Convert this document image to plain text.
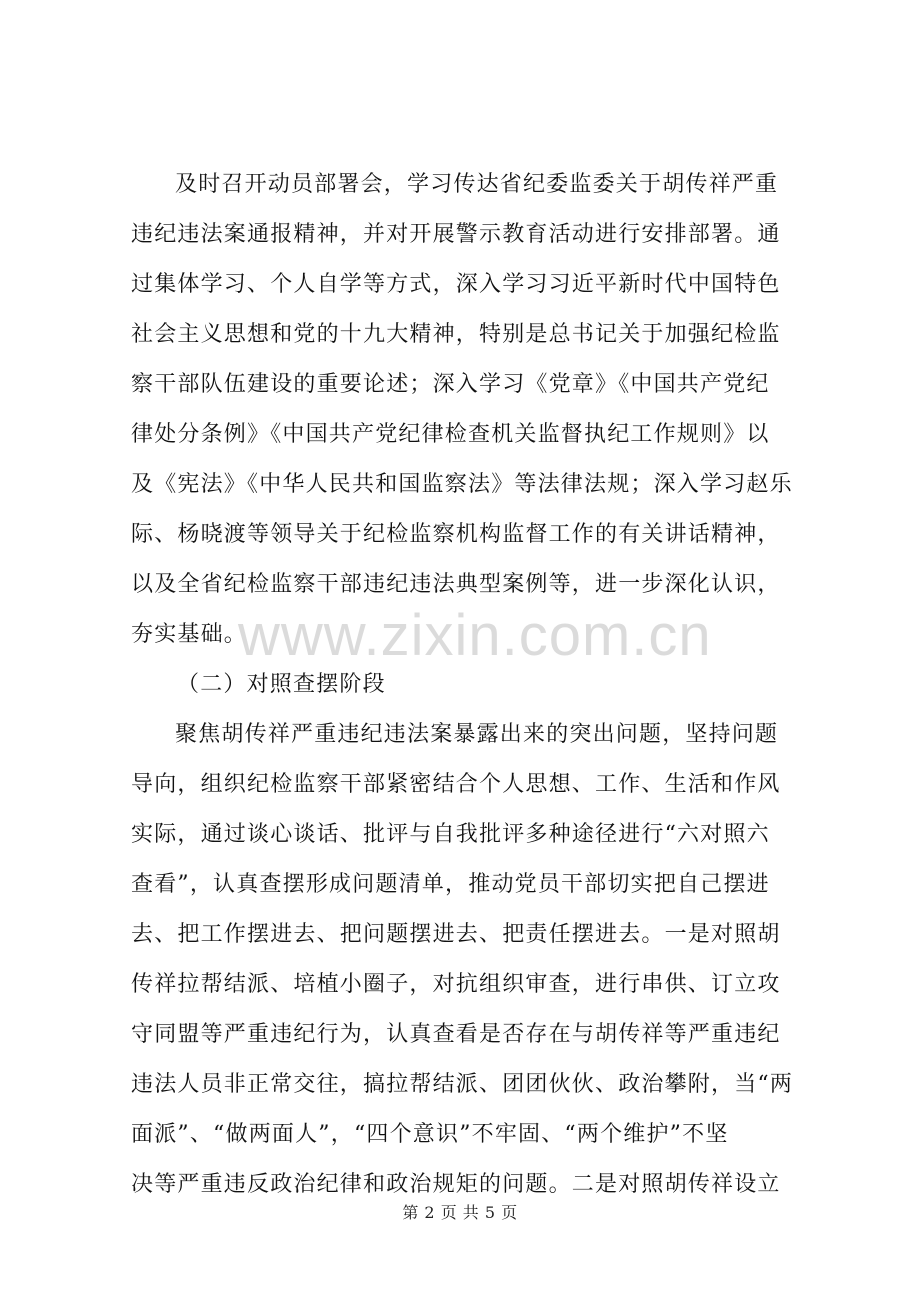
及时召开动员部署会，学习传达省纪委监委关于胡传祥严重
违纪违法案通报精神，并对开展警示教育活动进行安排部署。通
过集体学习、个人自学等方式，深入学习习近平新时代中国特色
社会主义思想和党的十九大精神，特别是总书记关于加强纪检监
察干部队伍建设的重要论述；深入学习《党章》《中国共产党纪
律处分条例》《中国共产党纪律检查机关监督执纪工作规则》以
及《宪法》《中华人民共和国监察法》等法律法规；深入学习赵乐
际、杨晓渡等领导关于纪检监察机构监督工作的有关讲话精神，
以及全省纪检监察干部违纪违法典型案例等，进一步深化认识，
夯实基础。
（二）对照查摆阶段
聚焦胡传祥严重违纪违法案暴露出来的突出问题，坚持问题
导向，组织纪检监察干部紧密结合个人思想、工作、生活和作风
实际，通过谈心谈话、批评与自我批评多种途径进行“六对照六
查看”，认真查摆形成问题清单，推动党员干部切实把自己摆进
去、把工作摆进去、把问题摆进去、把责任摆进去。一是对照胡
传祥拉帮结派、培植小圈子，对抗组织审查，进行串供、订立攻
守同盟等严重违纪行为，认真查看是否存在与胡传祥等严重违纪
违法人员非正常交往，搞拉帮结派、团团伙伙、政治攀附，当“两
面派”、“做两面人”，“四个意识”不牢固、“两个维护”不坚
决等严重违反政治纪律和政治规矩的问题。二是对照胡传祥设立
www.zixin.com.cn
第 2 页 共 5 页
